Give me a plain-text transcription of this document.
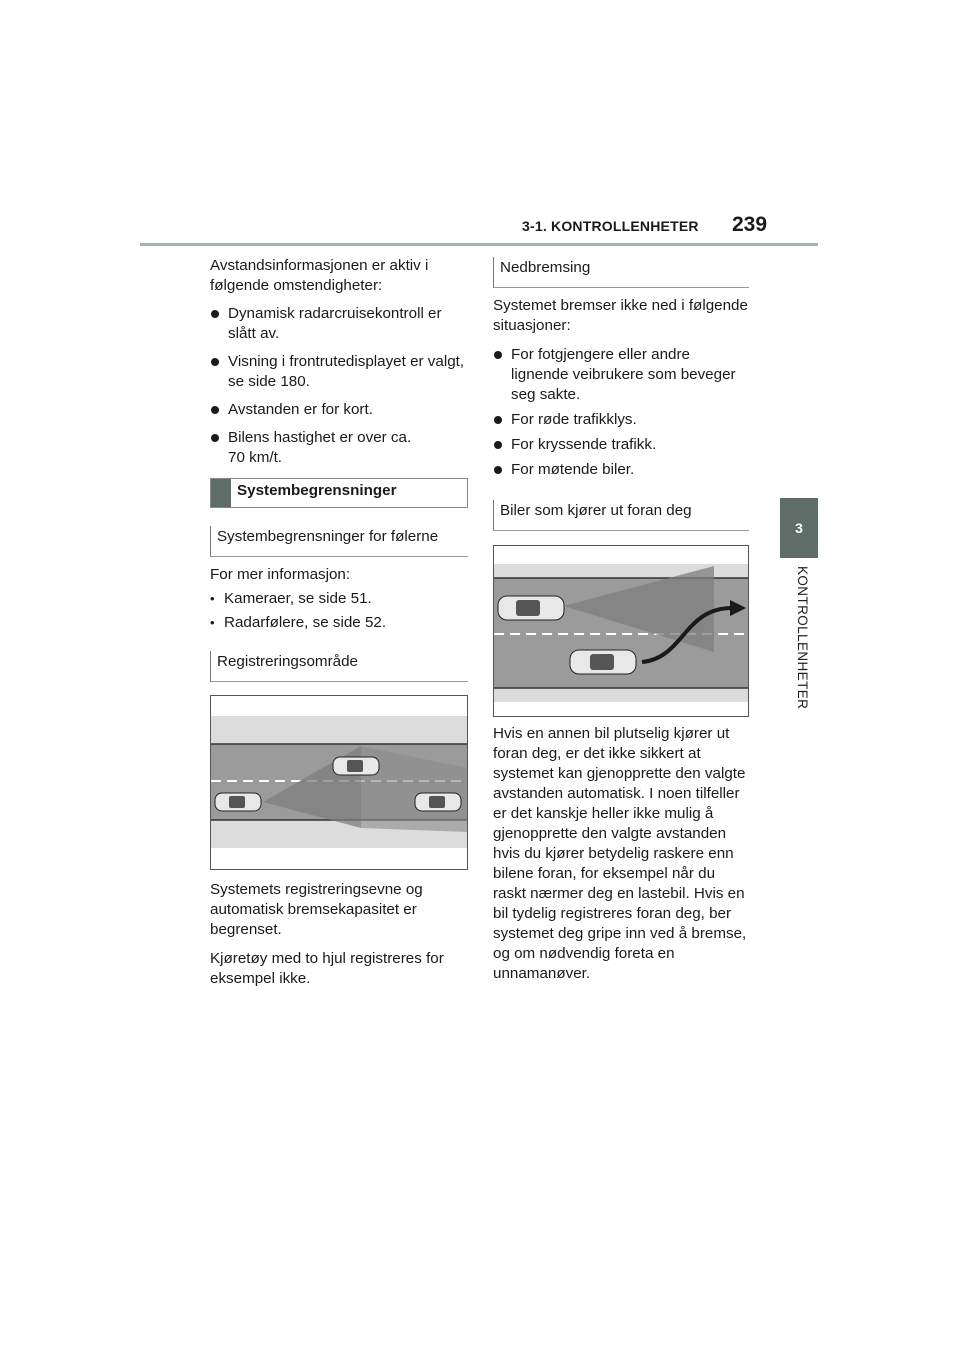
3-1. KONTROLLENHETER 239
3
KONTROLLENHETER

Avstandsinformasjonen er aktiv i følgende omstendigheter:

Dynamisk radarcruisekontroll er slått av.

Visning i frontrutedisplayet er valgt, se side 180.

Avstanden er for kort.

Bilens hastighet er over ca. 70 km/t.

Systembegrensninger
Systembegrensninger for følerne

For mer informasjon:

• Kameraer, se side 51.

• Radarfølere, se side 52.

Registreringsområde

Systemets registreringsevne og automatisk bremsekapasitet er begrenset.

Kjøretøy med to hjul registreres for eksempel ikke.

Nedbremsing

Systemet bremser ikke ned i følgende situasjoner:

For fotgjengere eller andre lignende veibrukere som beveger seg sakte.

For røde trafikklys.

For kryssende trafikk.

For møtende biler.

Biler som kjører ut foran deg

Hvis en annen bil plutselig kjører ut foran deg, er det ikke sikkert at systemet kan gjenopprette den valgte avstanden automatisk. I noen tilfeller er det kanskje heller ikke mulig å gjenopprette den valgte avstanden hvis du kjører betydelig raskere enn bilene foran, for eksempel når du raskt nærmer deg en lastebil. Hvis en bil tydelig registreres foran deg, ber systemet deg gripe inn ved å bremse, og om nødvendig foreta en unnamanøver.
